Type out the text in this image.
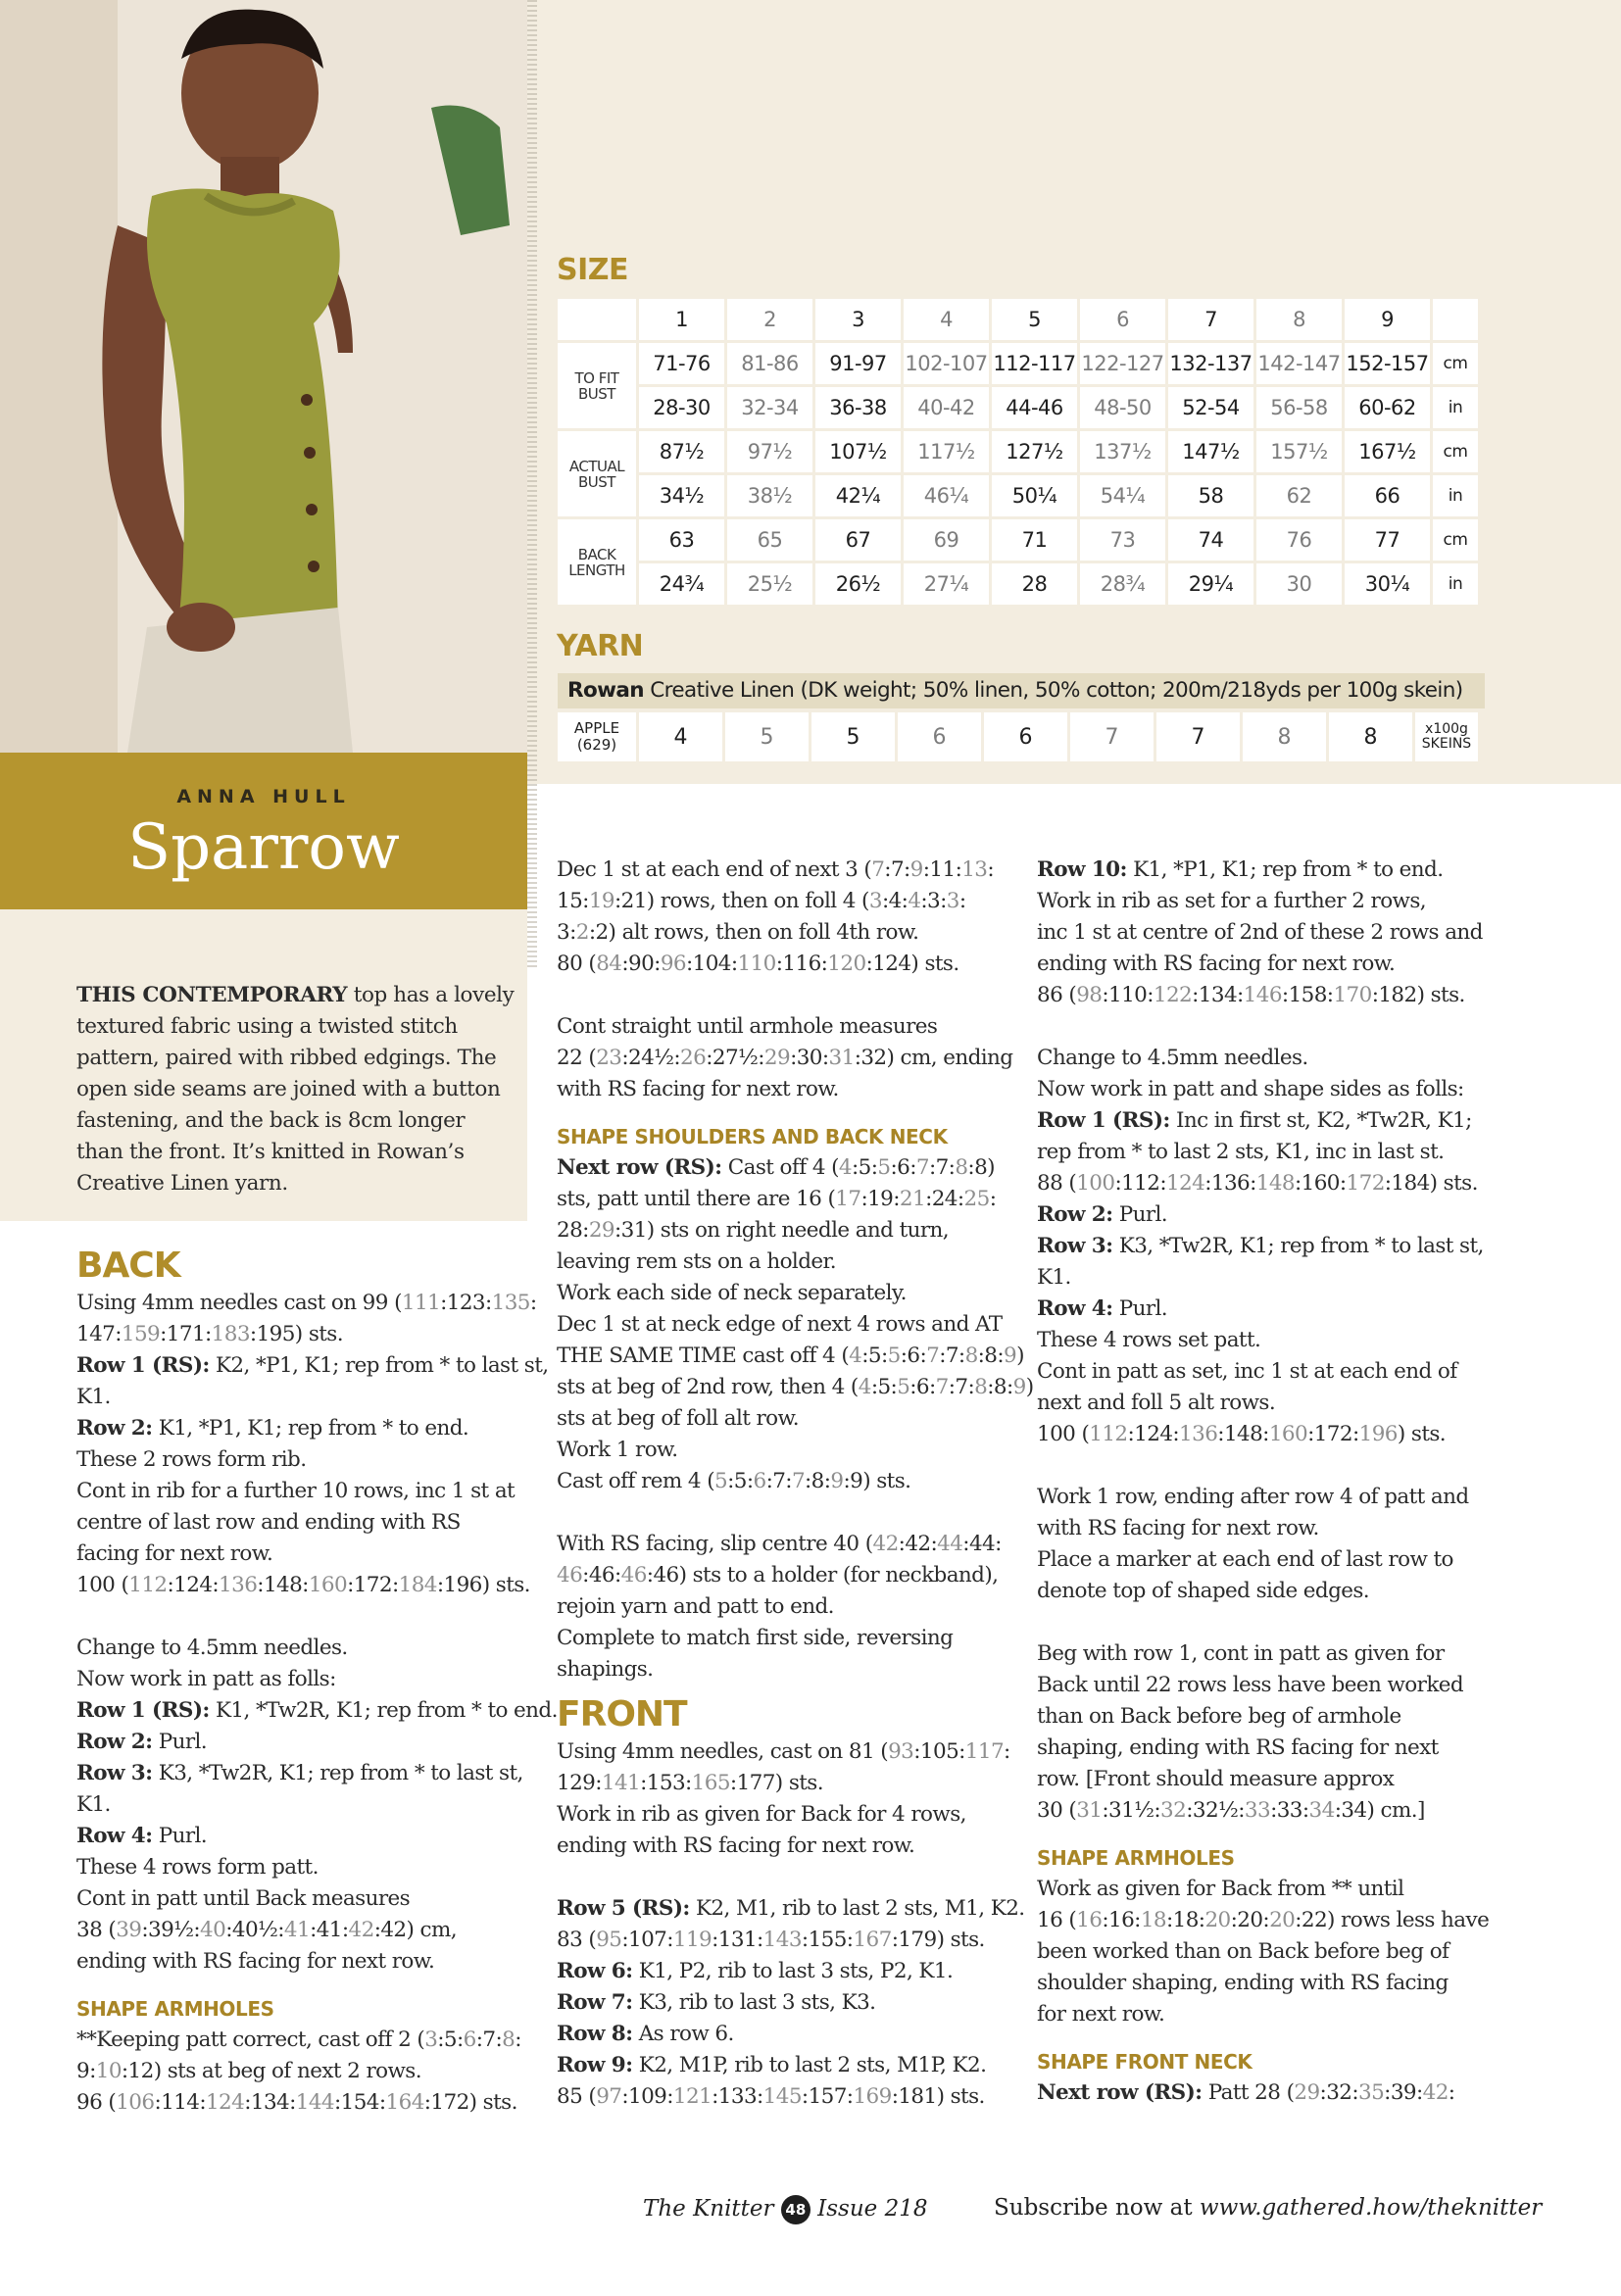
ANNA HULL
Sparrow
THIS CONTEMPORARY top has a lovely textured fabric using a twisted stitch pattern, paired with ribbed edgings. The open side seams are joined with a button fastening, and the back is 8cm longer than the front. It’s knitted in Rowan’s Creative Linen yarn.
SIZE
	1	2	3	4	5	6	7	8	9	
TO FIT BUST	71-76	81-86	91-97	102-107	112-117	122-127	132-137	142-147	152-157	cm
	28-30	32-34	36-38	40-42	44-46	48-50	52-54	56-58	60-62	in
ACTUAL BUST	87½	97½	107½	117½	127½	137½	147½	157½	167½	cm
	34½	38½	42¼	46¼	50¼	54¼	58	62	66	in
BACK LENGTH	63	65	67	69	71	73	74	76	77	cm
	24¾	25½	26½	27¼	28	28¾	29¼	30	30¼	in
YARN
Rowan Creative Linen (DK weight; 50% linen, 50% cotton; 200m/218yds per 100g skein)
APPLE (629)	4	5	5	6	6	7	7	8	8	x100g SKEINS
BACK

Using 4mm needles cast on 99 (111:123:135:

147:159:171:183:195) sts.

Row 1 (RS): K2, *P1, K1; rep from * to last st,

K1.

Row 2: K1, *P1, K1; rep from * to end.

These 2 rows form rib.

Cont in rib for a further 10 rows, inc 1 st at

centre of last row and ending with RS

facing for next row.

100 (112:124:136:148:160:172:184:196) sts.

Change to 4.5mm needles.

Now work in patt as folls:

Row 1 (RS): K1, *Tw2R, K1; rep from * to end.

Row 2: Purl.

Row 3: K3, *Tw2R, K1; rep from * to last st,

K1.

Row 4: Purl.

These 4 rows form patt.

Cont in patt until Back measures

38 (39:39½:40:40½:41:41:42:42) cm,

ending with RS facing for next row.

SHAPE ARMHOLES

**Keeping patt correct, cast off 2 (3:5:6:7:8:

9:10:12) sts at beg of next 2 rows.

96 (106:114:124:134:144:154:164:172) sts.

Dec 1 st at each end of next 3 (7:7:9:11:13:

15:19:21) rows, then on foll 4 (3:4:4:3:3:

3:2:2) alt rows, then on foll 4th row.

80 (84:90:96:104:110:116:120:124) sts.

Cont straight until armhole measures

22 (23:24½:26:27½:29:30:31:32) cm, ending

with RS facing for next row.

SHAPE SHOULDERS AND BACK NECK

Next row (RS): Cast off 4 (4:5:5:6:7:7:8:8)

sts, patt until there are 16 (17:19:21:24:25:

28:29:31) sts on right needle and turn,

leaving rem sts on a holder.

Work each side of neck separately.

Dec 1 st at neck edge of next 4 rows and AT

THE SAME TIME cast off 4 (4:5:5:6:7:7:8:8:9)

sts at beg of 2nd row, then 4 (4:5:5:6:7:7:8:8:9)

sts at beg of foll alt row.

Work 1 row.

Cast off rem 4 (5:5:6:7:7:8:9:9) sts.

With RS facing, slip centre 40 (42:42:44:44:

46:46:46:46) sts to a holder (for neckband),

rejoin yarn and patt to end.

Complete to match first side, reversing

shapings.

FRONT

Using 4mm needles, cast on 81 (93:105:117:

129:141:153:165:177) sts.

Work in rib as given for Back for 4 rows,

ending with RS facing for next row.

Row 5 (RS): K2, M1, rib to last 2 sts, M1, K2.

83 (95:107:119:131:143:155:167:179) sts.

Row 6: K1, P2, rib to last 3 sts, P2, K1.

Row 7: K3, rib to last 3 sts, K3.

Row 8: As row 6.

Row 9: K2, M1P, rib to last 2 sts, M1P, K2.

85 (97:109:121:133:145:157:169:181) sts.

Row 10: K1, *P1, K1; rep from * to end.

Work in rib as set for a further 2 rows,

inc 1 st at centre of 2nd of these 2 rows and

ending with RS facing for next row.

86 (98:110:122:134:146:158:170:182) sts.

Change to 4.5mm needles.

Now work in patt and shape sides as folls:

Row 1 (RS): Inc in first st, K2, *Tw2R, K1;

rep from * to last 2 sts, K1, inc in last st.

88 (100:112:124:136:148:160:172:184) sts.

Row 2: Purl.

Row 3: K3, *Tw2R, K1; rep from * to last st,

K1.

Row 4: Purl.

These 4 rows set patt.

Cont in patt as set, inc 1 st at each end of

next and foll 5 alt rows.

100 (112:124:136:148:160:172:196) sts.

Work 1 row, ending after row 4 of patt and

with RS facing for next row.

Place a marker at each end of last row to

denote top of shaped side edges.

Beg with row 1, cont in patt as given for

Back until 22 rows less have been worked

than on Back before beg of armhole

shaping, ending with RS facing for next

row. [Front should measure approx

30 (31:31½:32:32½:33:33:34:34) cm.]

SHAPE ARMHOLES

Work as given for Back from ** until

16 (16:16:18:18:20:20:20:22) rows less have

been worked than on Back before beg of

shoulder shaping, ending with RS facing

for next row.

SHAPE FRONT NECK

Next row (RS): Patt 28 (29:32:35:39:42:

The Knitter 48 Issue 218	Subscribe now at www.gathered.how/theknitter
